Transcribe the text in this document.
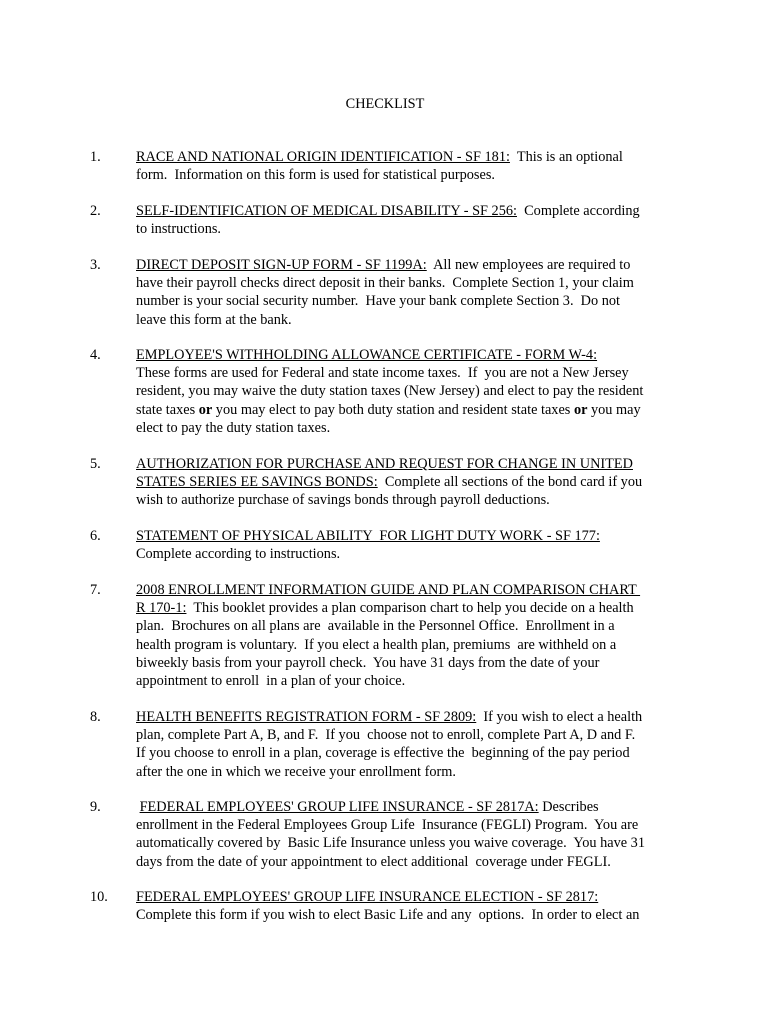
CHECKLIST
1. RACE AND NATIONAL ORIGIN IDENTIFICATION - SF 181:  This is an optional
form.  Information on this form is used for statistical purposes.
2. SELF-IDENTIFICATION OF MEDICAL DISABILITY - SF 256:  Complete according
to instructions.
3. DIRECT DEPOSIT SIGN-UP FORM - SF 1199A:  All new employees are required to
have their payroll checks direct deposit in their banks.  Complete Section 1, your claim
number is your social security number.  Have your bank complete Section 3.  Do not
leave this form at the bank.
4. EMPLOYEE'S WITHHOLDING ALLOWANCE CERTIFICATE - FORM W-4:
These forms are used for Federal and state income taxes.  If  you are not a New Jersey
resident, you may waive the duty station taxes (New Jersey) and elect to pay the resident
state taxes or you may elect to pay both duty station and resident state taxes or you may
elect to pay the duty station taxes.
5. AUTHORIZATION FOR PURCHASE AND REQUEST FOR CHANGE IN UNITED
STATES SERIES EE SAVINGS BONDS:  Complete all sections of the bond card if you
wish to authorize purchase of savings bonds through payroll deductions.
6. STATEMENT OF PHYSICAL ABILITY  FOR LIGHT DUTY WORK - SF 177:
Complete according to instructions.
7. 2008 ENROLLMENT INFORMATION GUIDE AND PLAN COMPARISON CHART
R 170-1:  This booklet provides a plan comparison chart to help you decide on a health
plan.  Brochures on all plans are  available in the Personnel Office.  Enrollment in a
health program is voluntary.  If you elect a health plan, premiums  are withheld on a
biweekly basis from your payroll check.  You have 31 days from the date of your
appointment to enroll  in a plan of your choice.
8. HEALTH BENEFITS REGISTRATION FORM - SF 2809:  If you wish to elect a health
plan, complete Part A, B, and F.  If you  choose not to enroll, complete Part A, D and F.
If you choose to enroll in a plan, coverage is effective the  beginning of the pay period
after the one in which we receive your enrollment form.
9.	FEDERAL EMPLOYEES' GROUP LIFE INSURANCE - SF 2817A: Describes
enrollment in the Federal Employees Group Life  Insurance (FEGLI) Program.  You are
automatically covered by  Basic Life Insurance unless you waive coverage.  You have 31
days from the date of your appointment to elect additional  coverage under FEGLI.
10. FEDERAL EMPLOYEES' GROUP LIFE INSURANCE ELECTION - SF 2817:
Complete this form if you wish to elect Basic Life and any  options.  In order to elect an
